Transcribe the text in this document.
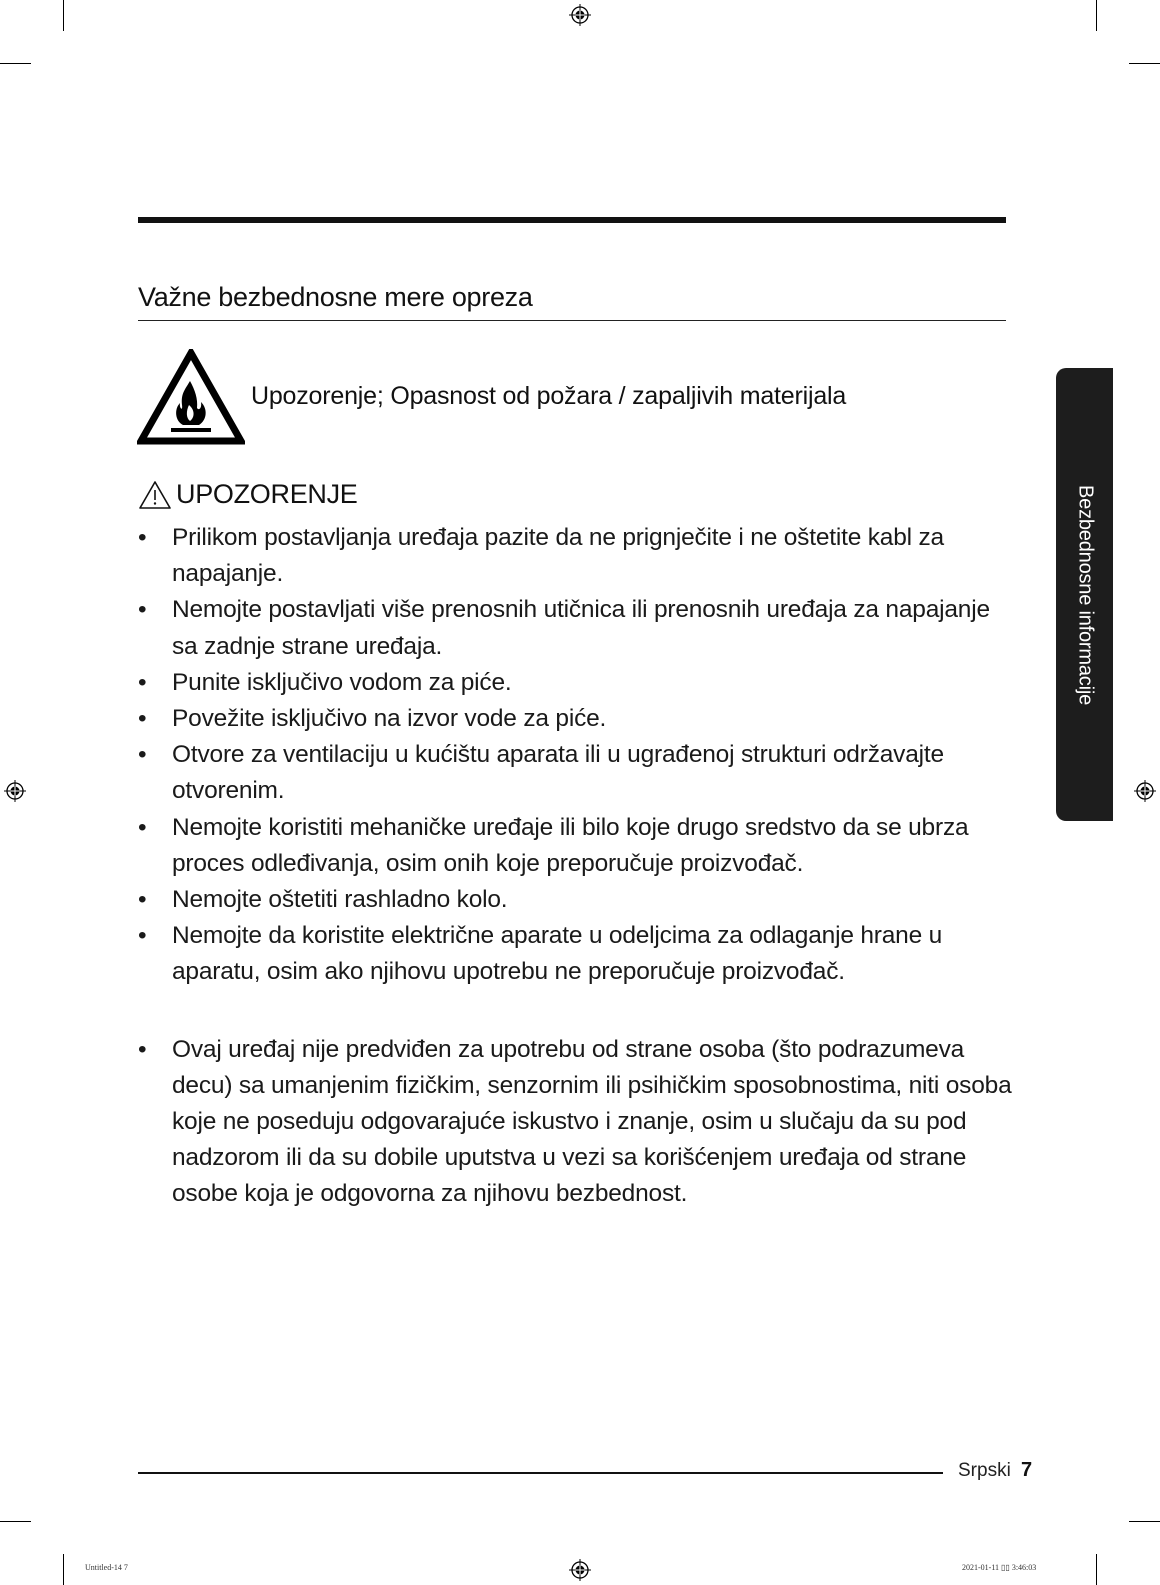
Važne bezbednosne mere opreza
Upozorenje; Opasnost od požara / zapaljivih materijala
UPOZORENJE
• Prilikom postavljanja uređaja pazite da ne prignječite i ne oštetite kabl za napajanje.
• Nemojte postavljati više prenosnih utičnica ili prenosnih uređaja za napajanje sa zadnje strane uređaja.
• Punite isključivo vodom za piće.
• Povežite isključivo na izvor vode za piće.
• Otvore za ventilaciju u kućištu aparata ili u ugrađenoj strukturi održavajte otvorenim.
• Nemojte koristiti mehaničke uređaje ili bilo koje drugo sredstvo da se ubrza proces odleđivanja, osim onih koje preporučuje proizvođač.
• Nemojte oštetiti rashladno kolo.
• Nemojte da koristite električne aparate u odeljcima za odlaganje hrane u aparatu, osim ako njihovu upotrebu ne preporučuje proizvođač.
• Ovaj uređaj nije predviđen za upotrebu od strane osoba (što podrazumeva decu) sa umanjenim fizičkim, senzornim ili psihičkim sposobnostima, niti osoba koje ne poseduju odgovarajuće iskustvo i znanje, osim u slučaju da su pod nadzorom ili da su dobile uputstva u vezi sa korišćenjem uređaja od strane osobe koja je odgovorna za njihovu bezbednost.
Bezbednosne informacije
Srpski 7
Untitled-14 7	2021-01-11 ▯▯ 3:46:03
